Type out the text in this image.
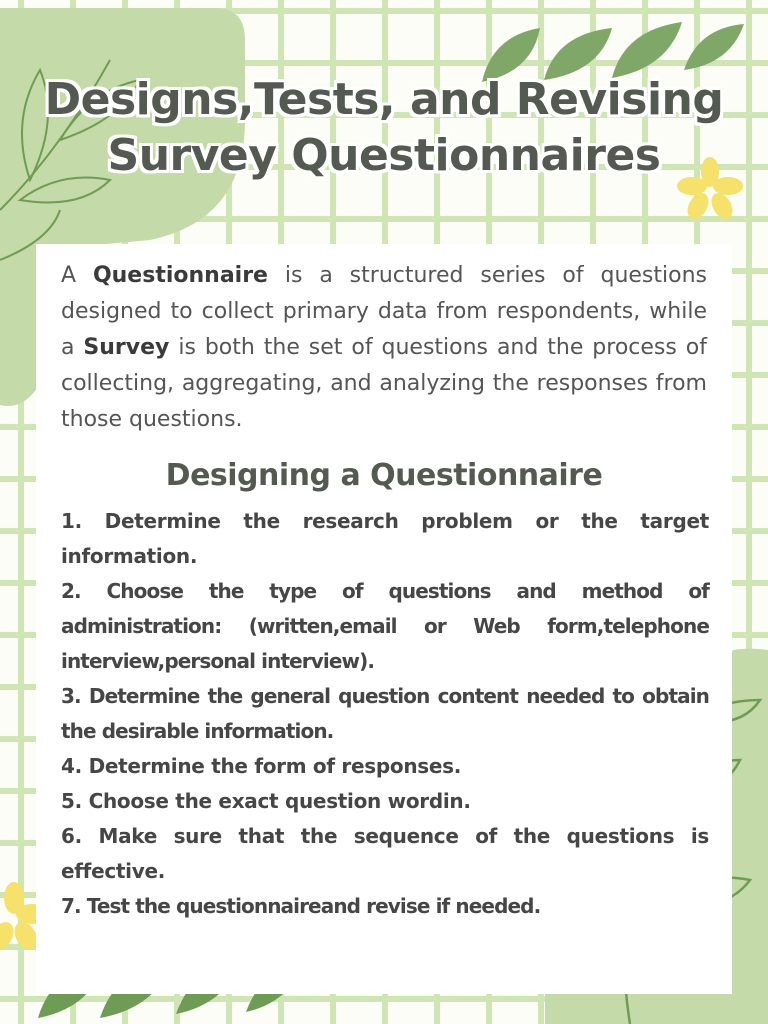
Designs,Tests, and Revising
Survey Questionnaires

A Questionnaire is a structured series of questions designed to collect primary data from respondents, while a Survey is both the set of questions and the process of collecting, aggregating, and analyzing the responses from those questions.

Designing a Questionnaire
1. Determine the research problem or the target information.
2. Choose the type of questions and method of administration: (written,email or Web form,telephone interview,personal interview).
3. Determine the general question content needed to obtain the desirable information.
4. Determine the form of responses.
5. Choose the exact question wordin.
6. Make sure that the sequence of the questions is effective.
7. Test the questionnaireand revise if needed.
